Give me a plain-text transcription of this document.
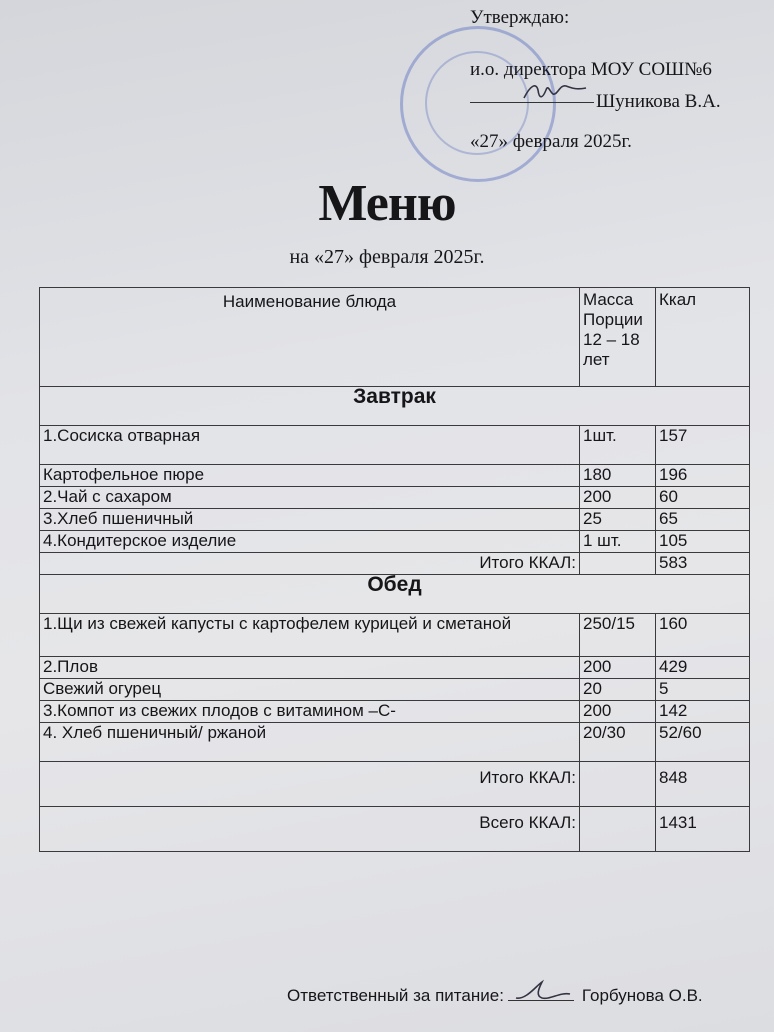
Утверждаю:
и.о. директора МОУ СОШ№6
Шуникова В.А.
«27» февраля 2025г.
Меню
на «27» февраля 2025г.
Наименование блюда	Масса Порции 12 – 18 лет	Ккал
Завтрак		
1.Сосиска отварная	1шт.	157
Картофельное пюре	180	196
2.Чай с сахаром	200	60
3.Хлеб пшеничный	25	65
4.Кондитерское изделие	1 шт.	105
Итого ККАЛ:		583
Обед		
1.Щи из свежей капусты с картофелем курицей и сметаной	250/15	160
2.Плов	200	429
Свежий огурец	20	5
3.Компот из свежих плодов с витамином –С-	200	142
4. Хлеб пшеничный/ ржаной	20/30	52/60
Итого ККАЛ:		848
Всего ККАЛ:		1431
Ответственный за питание:	Горбунова О.В.
